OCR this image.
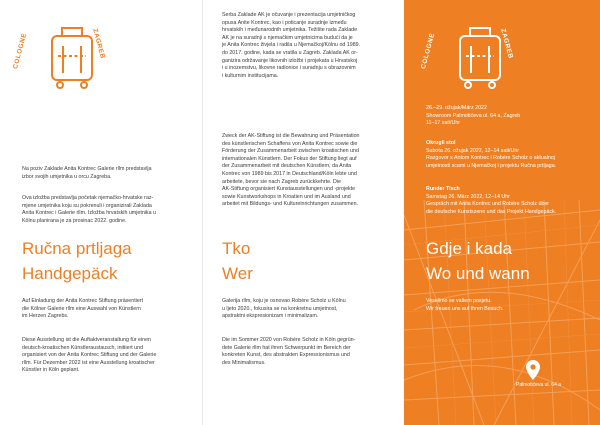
COLOGNE	ZAGREB

Na poziv Zaklade Anita Kontrec Galerie rllm predstavlja

izbor svojih umjetnika u orcu Zagreba.

Ova izložba predstavlja početak njemačko-hrvatske raz-

mjene umjetnika koju su pokrenuli i organizirali Zaklada

Anita Kontrec i Galerie rllm. Izložba hrvatskih umjetnika u

Kölnu planirana je za prosinac 2022. godine.

Ručna prtljaga
Handgepäck

Auf Einladung der Anita Kontrec Stiftung präsentiert

die Kölner Galerie rllm eine Auswahl von Künstlern

im Herzen Zagrebs.

Diese Ausstellung ist die Auftaktveranstaltung für einen

deutsch-kroatischen Künstleraustausch, initiiert und

organisiert von der Anita Kontrec Stiftung und der Galerie

rllm. Für Dezember 2022 ist eine Ausstellung kroatischer

Künstler in Köln geplant.

Serba Zaklade AK je očuvanje i prezentacija umjetničkog

opusa Anite Kontrec, kao i poticanje suradnje između

hrvatskih i međunarodnih umjetnika. Težište rada Zaklade

AK je na suradnji s njemačkim umjetnicima budući da je

je Anita Kontrec živjela i radila u Njemačkoj/Kölnu od 1989.

do 2017. godine, kada se vratila u Zagreb. Zaklada AK or-

ganizira održavanje likovnih izložbi i projekata u Hrvatskoj

i u inozemstvu, likovne radionice i suradnju s obrazovnim

i kulturnim institucijama.

Zweck der AK-Stiftung ist die Bewahrung und Präsentation

des künstlerischen Schaffens von Anita Kontrec sowie die

Förderung der Zusammenarbeit zwischen kroatischen und

internationalen Künstlern. Der Fokus der Stiftung liegt auf

der Zusammenarbeit mit deutschen Künstlern, da Anita

Kontrec von 1989 bis 2017 in Deutschland/Köln lebte und

arbeitete, bevor sie nach Zagreb zurückkehrte. Die

AK-Stiftung organisiert Kunstausstellungen und -projekte

sowie Kunstworkshops in Kroatien und im Ausland und

arbeitet mit Bildungs- und Kultureinrichtungen zusammen.

Tko
Wer

Galerija rllm, koju je osnovao Robère Scholz u Kölnu

u ljeto 2020., fokusira se na konkretnu umjetnost,

apstraktni ekspresionizam i minimalizam.

Die im Sommer 2020 von Robère Scholz in Köln gegrün-

dete Galerie rllm hat ihren Schwerpunkt im Bereich der

konkreten Kunst, des abstrakten Expressionismus und

des Minimalismus.

COLOGNE	ZAGREB

26.–29. ožujak/März 2022

Showroom Palmotićeva ul. 64 a, Zagreb

11–17 sati/Uhr

Okrugli stol

Subota 26. ožujak 2022, 12–14 sati/Uhr

Razgovor s Antom Kontrec i Robère Scholz o aktualnoj

umjetnosti scami u Njemačkoj i projektu Ručna prtljaga.

Runder Tisch

Samstag 26. März 2022, 12–14 Uhr

Gespräch mit Anita Kontrec und Robère Scholz über

die deutsche Kunstszene und das Projekt Handgepäck.

Gdje i kada
Wo und wann

Veselimo se vašem posjetu.

Wir freuen uns auf Ihren Besuch.

Palmotićeva ul. 64 a
